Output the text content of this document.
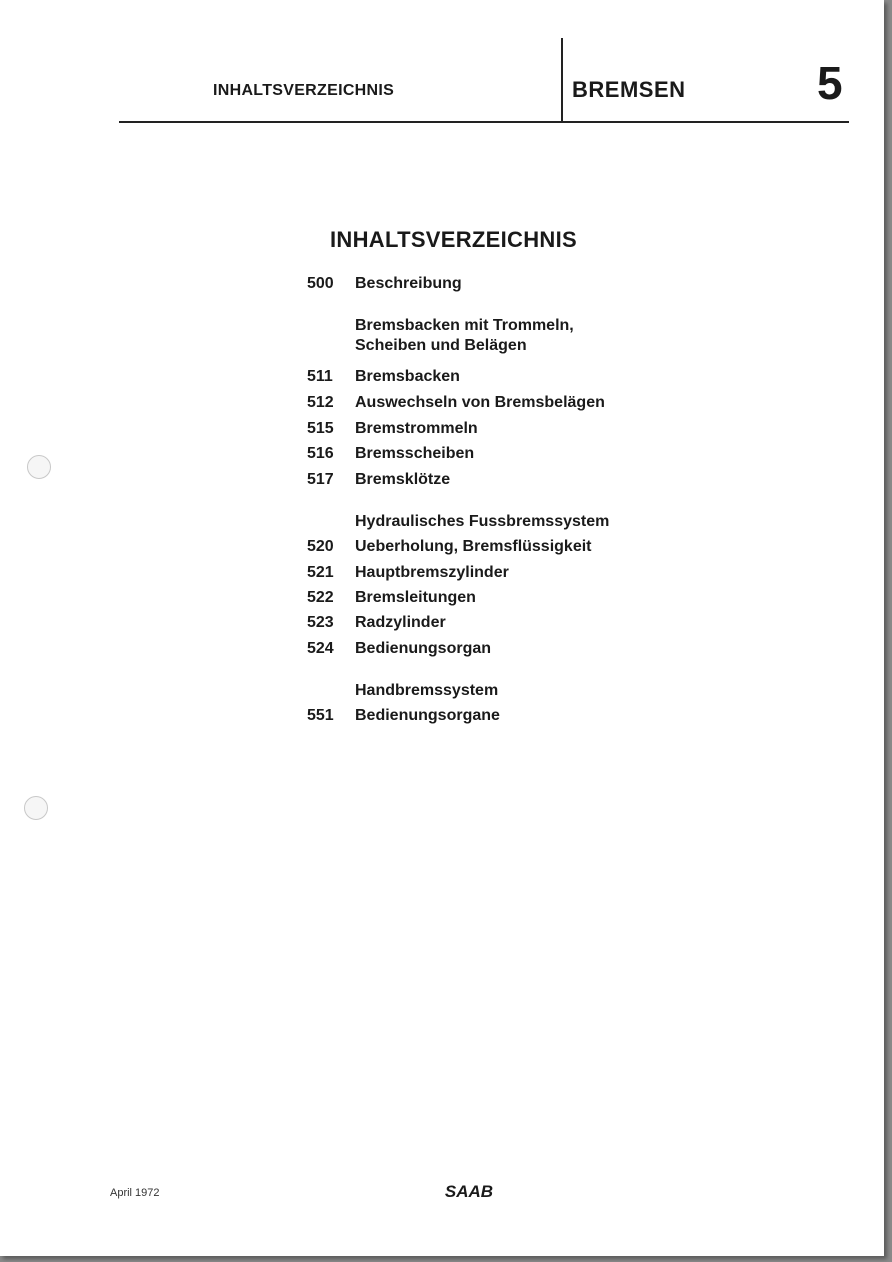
INHALTSVERZEICHNIS	BREMSEN	5
INHALTSVERZEICHNIS
500	Beschreibung
Bremsbacken mit Trommeln,
Scheiben und Belägen
511	Bremsbacken
512	Auswechseln von Bremsbelägen
515	Bremstrommeln
516	Bremsscheiben
517	Bremsklötze
Hydraulisches Fussbremssystem
520	Ueberholung, Bremsflüssigkeit
521	Hauptbremszylinder
522	Bremsleitungen
523	Radzylinder
524	Bedienungsorgan
Handbremssystem
551	Bedienungsorgane
April 1972	SAAB
